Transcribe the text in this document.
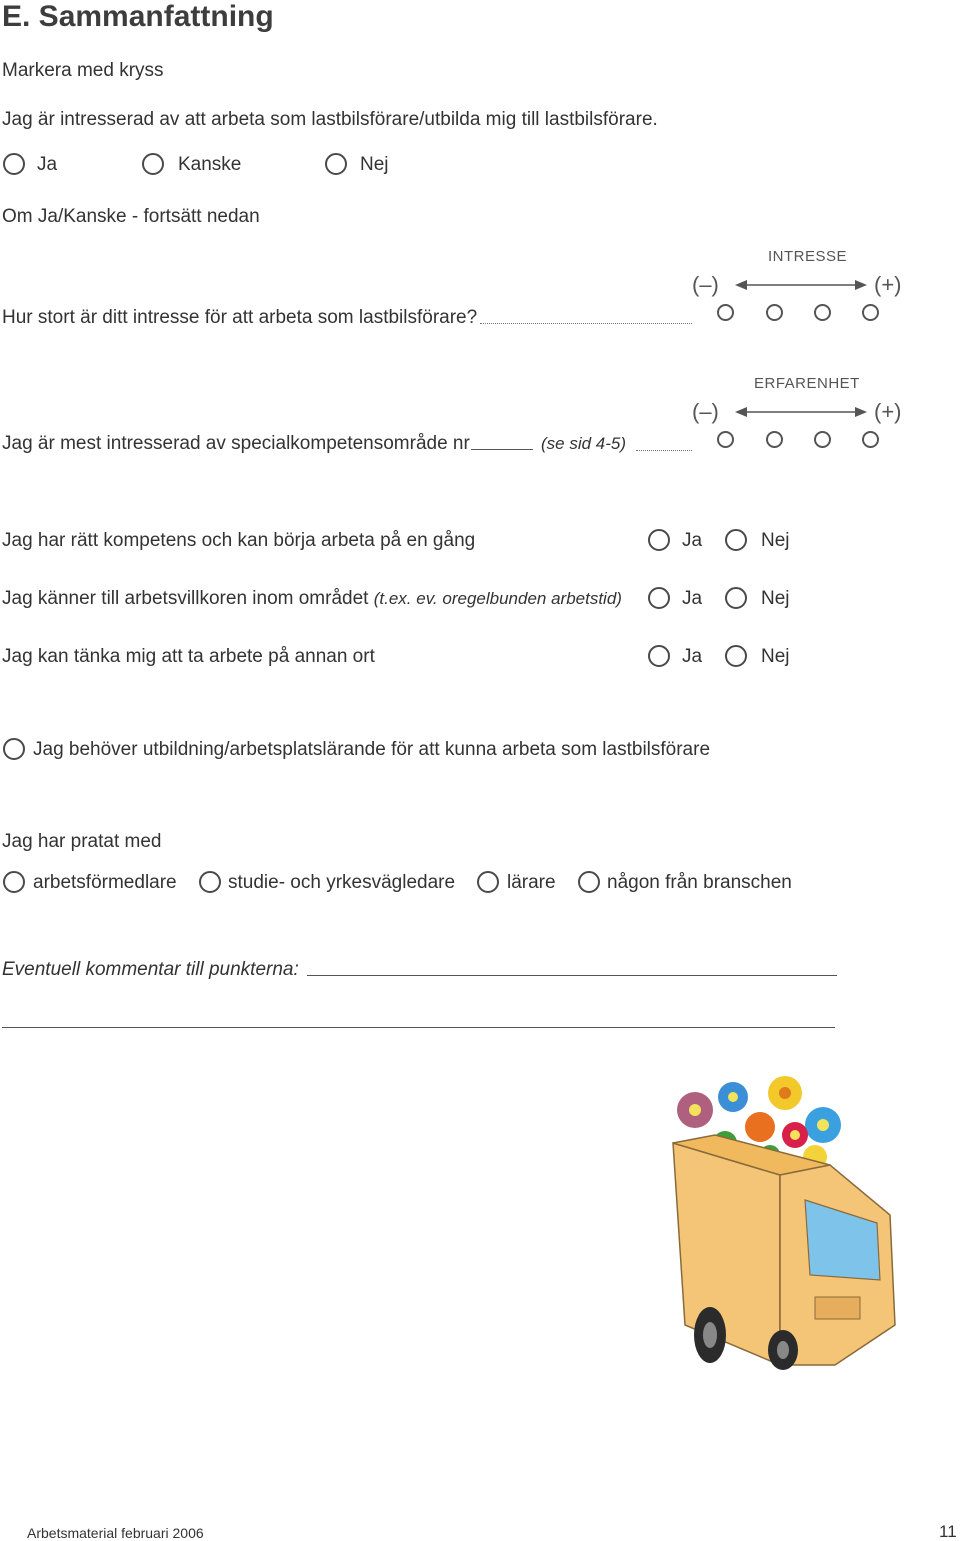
E. Sammanfattning
Markera med kryss
Jag är intresserad av att arbeta som lastbilsförare/utbilda mig till lastbilsförare.
Ja	Kanske	Nej
Om Ja/Kanske - fortsätt nedan
INTRESSE
(–)	(+)
Hur stort är ditt intresse för att arbeta som lastbilsförare?
ERFARENHET
(–)	(+)
Jag är mest intresserad av specialkompetensområde nr	(se sid 4-5)
Jag har rätt kompetens och kan börja arbeta på en gång	Ja	Nej
Jag känner till arbetsvillkoren inom området (t.ex. ev. oregelbunden arbetstid)	Ja	Nej
Jag kan tänka mig att ta arbete på annan ort	Ja	Nej
Jag behöver utbildning/arbetsplatslärande för att kunna arbeta som lastbilsförare
Jag har pratat med
arbetsförmedlare	studie- och yrkesvägledare	lärare	någon från branschen
Eventuell kommentar till punkterna:
Arbetsmaterial februari 2006	11
